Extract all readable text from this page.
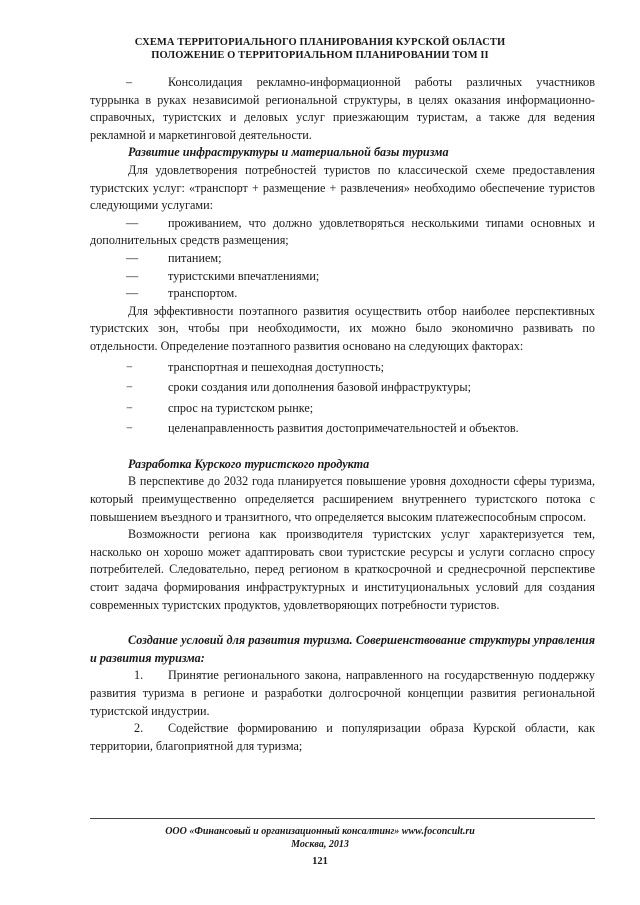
СХЕМА ТЕРРИТОРИАЛЬНОГО ПЛАНИРОВАНИЯ КУРСКОЙ ОБЛАСТИ
ПОЛОЖЕНИЕ О ТЕРРИТОРИАЛЬНОМ ПЛАНИРОВАНИИ ТОМ II

–	Консолидация рекламно-информационной работы различных участников туррынка в руках независимой региональной структуры, в целях оказания информационно-справочных, туристских и деловых услуг приезжающим туристам, а также для ведения рекламной и маркетинговой деятельности.

Развитие инфраструктуры и материальной базы туризма

Для удовлетворения потребностей туристов по классической схеме предоставления туристских услуг: «транспорт + размещение + развлечения» необходимо обеспечение туристов следующими услугами:

— проживанием, что должно удовлетворяться несколькими типами основных и дополнительных средств размещения;

— питанием;

— туристскими впечатлениями;

— транспортом.

Для эффективности поэтапного развития осуществить отбор наиболее перспективных туристских зон, чтобы при необходимости, их можно было экономично развивать по отдельности. Определение поэтапного развития основано на следующих факторах:

−	транспортная и пешеходная доступность;

−	сроки создания или дополнения базовой инфраструктуры;

−	спрос на туристском рынке;

−	целенаправленность развития достопримечательностей и объектов.

Разработка Курского туристского продукта

В перспективе до 2032 года планируется повышение уровня доходности сферы туризма, который преимущественно определяется расширением внутреннего туристского потока с повышением въездного и транзитного, что определяется высоким платежеспособным спросом.

Возможности региона как производителя туристских услуг характеризуется тем, насколько он хорошо может адаптировать свои туристские ресурсы и услуги согласно спросу потребителей. Следовательно, перед регионом в краткосрочной и среднесрочной перспективе стоит задача формирования инфраструктурных и институциональных условий для создания современных туристских продуктов, удовлетворяющих потребности туристов.

Создание условий для развития туризма. Совершенствование структуры управления и развития туризма:

1. Принятие регионального закона, направленного на государственную поддержку развития туризма в регионе и разработки долгосрочной концепции развития региональной туристской индустрии.

2. Содействие формированию и популяризации образа Курской области, как территории, благоприятной для туризма;

ООО «Финансовый и организационный консалтинг» www.foconcult.ru
Москва, 2013
121
